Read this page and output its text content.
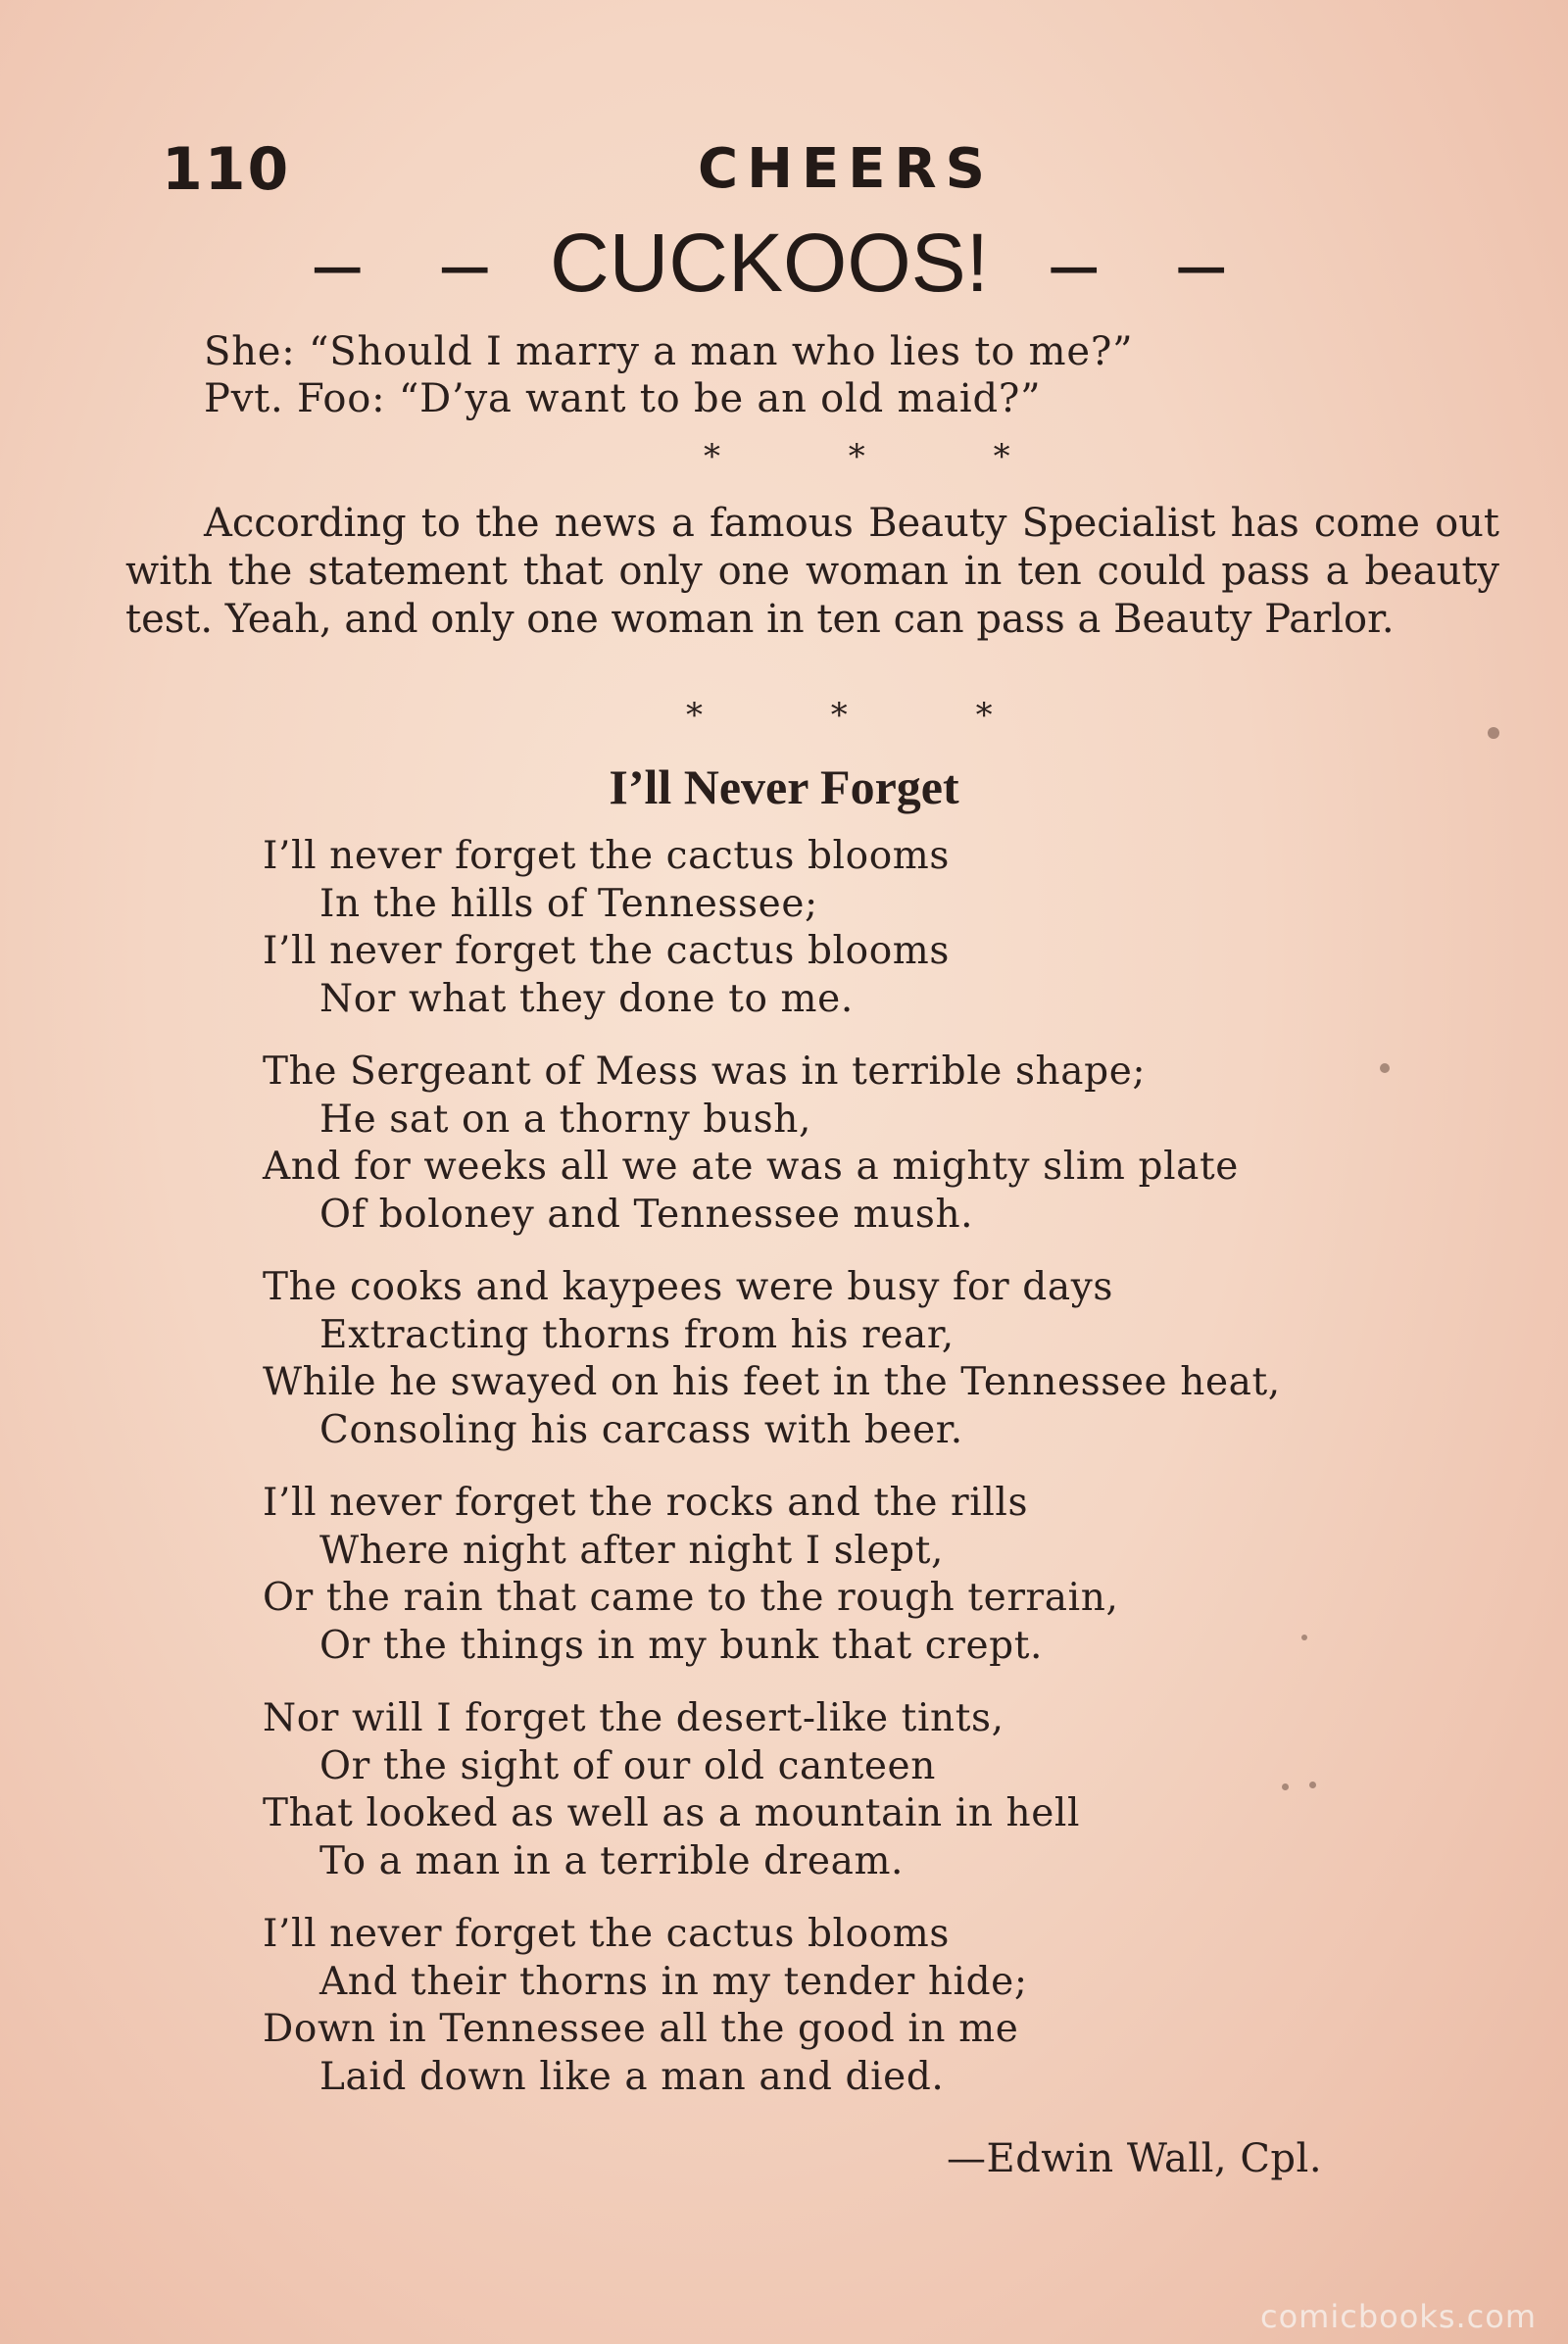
110	CHEERS
– – CUCKOOS! – –
She: “Should I marry a man who lies to me?”
Pvt. Foo: “D’ya want to be an old maid?”
* * *
According to the news a famous Beauty Specialist has come out with the statement that only one woman in ten could pass a beauty test. Yeah, and only one woman in ten can pass a Beauty Parlor.
* * *
I’ll Never Forget
I’ll never forget the cactus blooms
In the hills of Tennessee;
I’ll never forget the cactus blooms
Nor what they done to me.
The Sergeant of Mess was in terrible shape;
He sat on a thorny bush,
And for weeks all we ate was a mighty slim plate
Of boloney and Tennessee mush.
The cooks and kaypees were busy for days
Extracting thorns from his rear,
While he swayed on his feet in the Tennessee heat,
Consoling his carcass with beer.
I’ll never forget the rocks and the rills
Where night after night I slept,
Or the rain that came to the rough terrain,
Or the things in my bunk that crept.
Nor will I forget the desert-like tints,
Or the sight of our old canteen
That looked as well as a mountain in hell
To a man in a terrible dream.
I’ll never forget the cactus blooms
And their thorns in my tender hide;
Down in Tennessee all the good in me
Laid down like a man and died.
—Edwin Wall, Cpl.
comicbooks.com
